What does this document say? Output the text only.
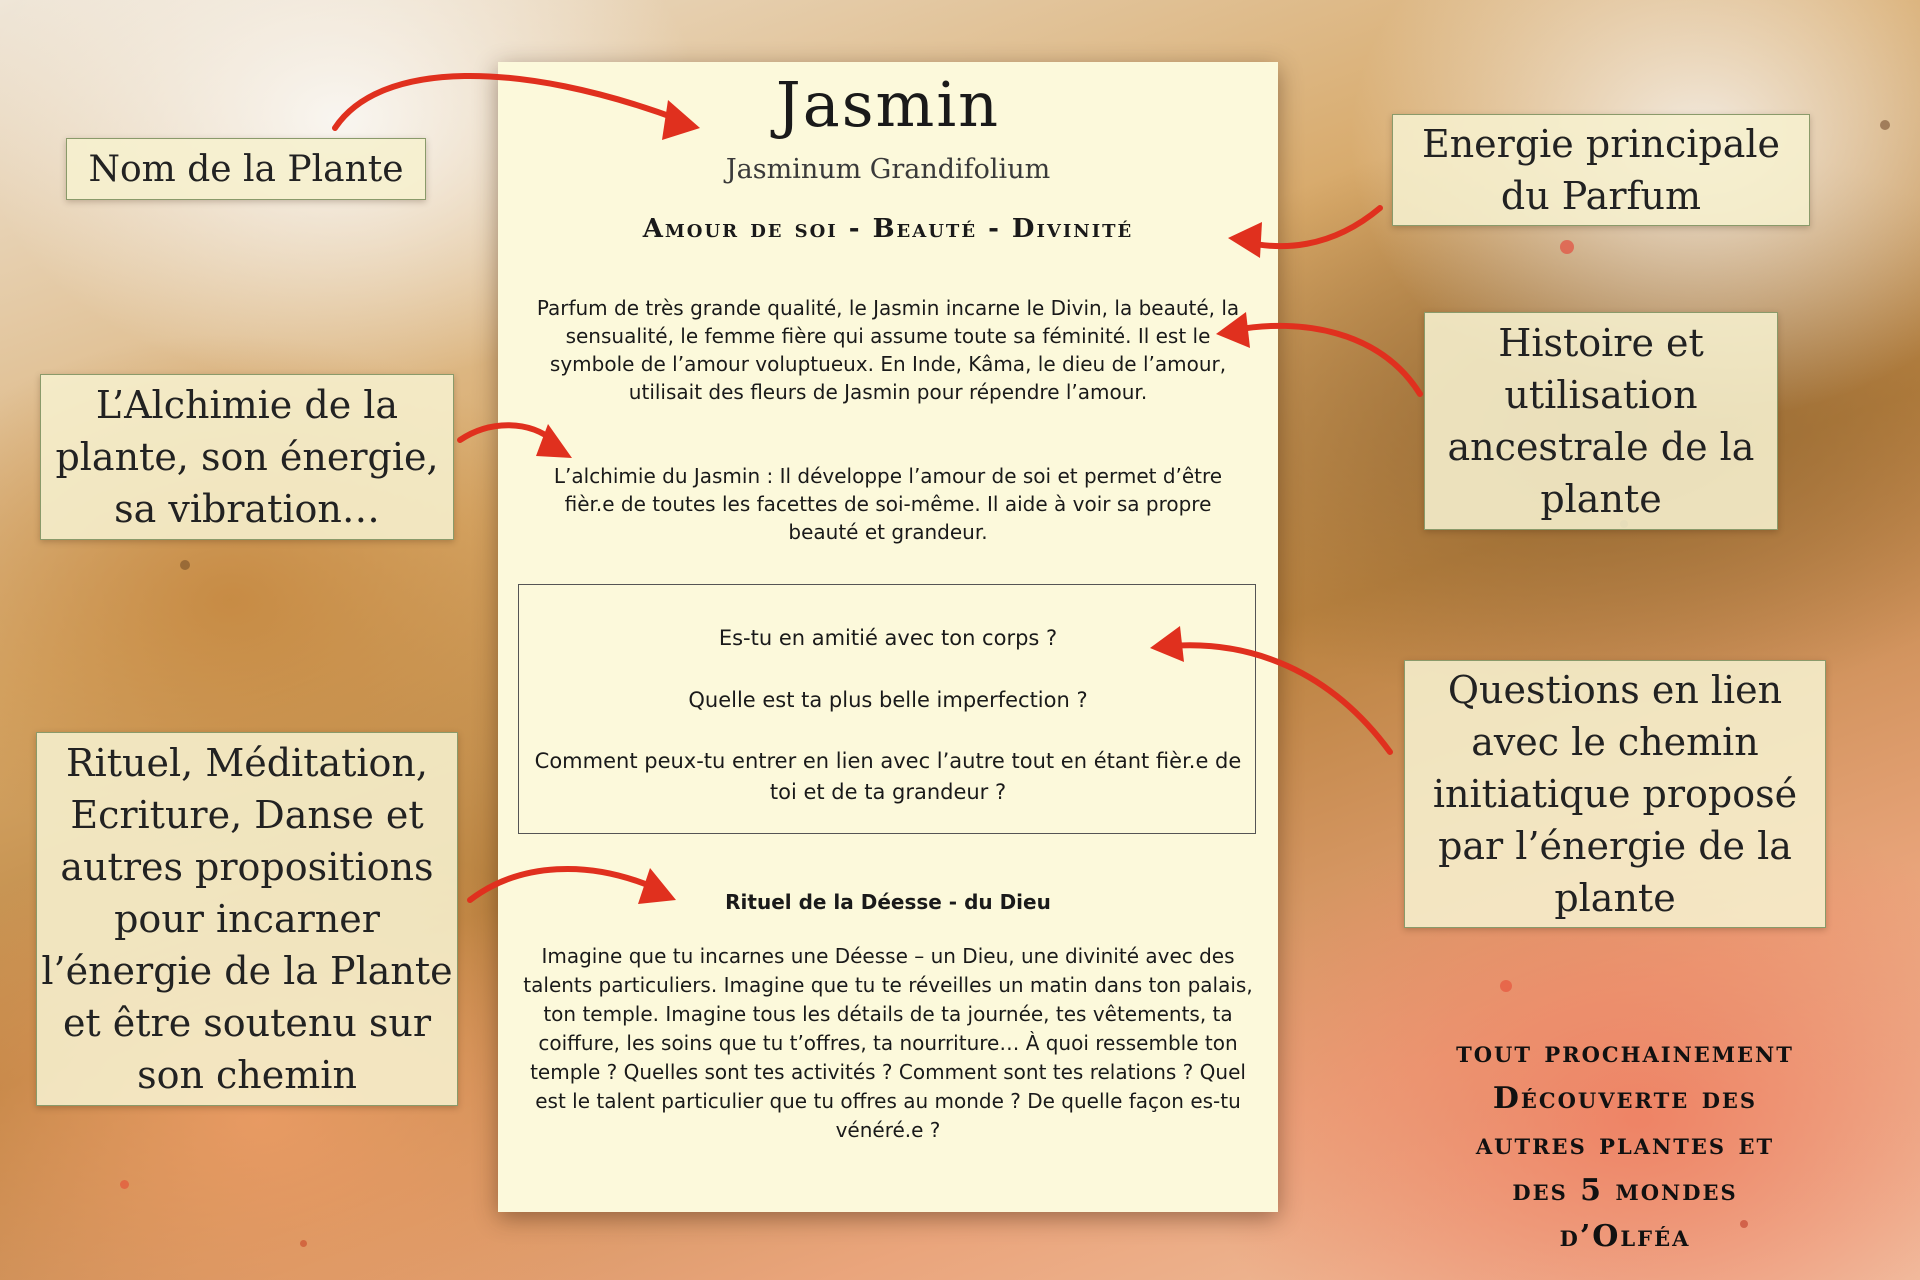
Jasmin
Jasminum Grandifolium
Amour de soi - Beauté - Divinité
Parfum de très grande qualité, le Jasmin incarne le Divin, la beauté, la sensualité, le femme fière qui assume toute sa féminité. Il est le symbole de l’amour voluptueux. En Inde, Kâma, le dieu de l’amour, utilisait des fleurs de Jasmin pour répendre l’amour.
L’alchimie du Jasmin : Il développe l’amour de soi et permet d’être fièr.e de toutes les facettes de soi-même. Il aide à voir sa propre beauté et grandeur.
Es-tu en amitié avec ton corps ?
Quelle est ta plus belle imperfection ?
Comment peux-tu entrer en lien avec l’autre tout en étant fièr.e de toi et de ta grandeur ?
Rituel de la Déesse - du Dieu
Imagine que tu incarnes une Déesse – un Dieu, une divinité avec des talents particuliers. Imagine que tu te réveilles un matin dans ton palais, ton temple. Imagine tous les détails de ta journée, tes vêtements, ta coiffure, les soins que tu t’offres, ta nourriture… À quoi ressemble ton temple ? Quelles sont tes activités ? Comment sont tes relations ? Quel est le talent particulier que tu offres au monde ? De quelle façon es-tu vénéré.e ?
Nom de la Plante
L’Alchimie de la
plante, son énergie,
sa vibration…
Rituel, Méditation,
Ecriture, Danse et
autres propositions
pour incarner
l’énergie de la Plante
et être soutenu sur
son chemin
Energie principale
du Parfum
Histoire et
utilisation
ancestrale de la
plante
Questions en lien
avec le chemin
initiatique proposé
par l’énergie de la
plante
tout prochainement
Découverte des
autres plantes et
des 5 mondes
d’Olféa
